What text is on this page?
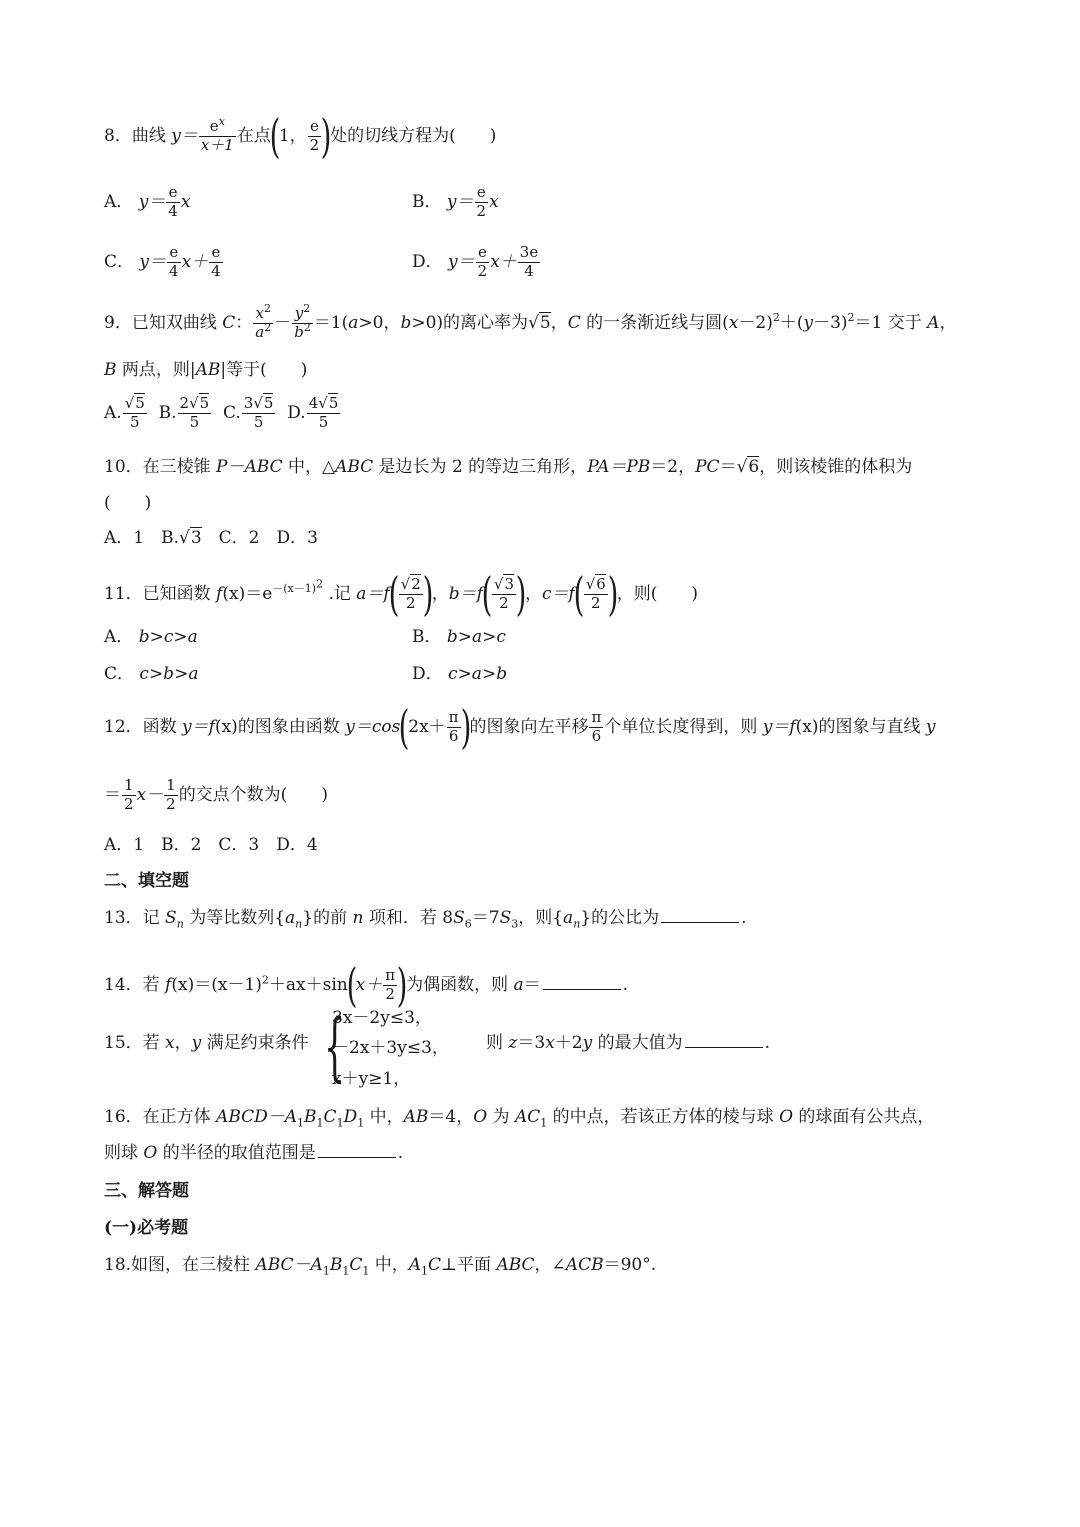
8．曲线 $y= \frac{e^x}{x+1}$ 在点(1， $\frac{e}{2}$ )处的切线方程为(　　)
A． $y= \frac{e}{4}$ x	B． $y= \frac{e}{2}$ x
C． $y= \frac{e}{4} x+ \frac{e}{4}$	D． $y= \frac{e}{2} x+ \frac{3e}{4}$
9．已知双曲线 C： $\frac{x^2}{a^2} - \frac{y^2}{b^2} =1(a>0$，b>0)的离心率为√5，C 的一条渐近线与圆$(x-2)^2+(y-3)^2=1$ 交于 A，
B 两点，则|AB|等于(　　)
A. $\frac{√5}{5} B$. $\frac{2√5}{5} C$. $\frac{3√5}{5} D$. $\frac{4√5}{5}$
10．在三棱锥 P－ABC 中，△ABC 是边长为 2 的等边三角形，PA＝PB＝2，PC＝√6，则该棱锥的体积为
(　　)
A．1　B.√3　C．2　D．3
11．已知函数 $f(x)=e^{-(x-1)^2}$ .记 $a=f( \frac{√2}{2}$ )，$b=f( \frac{√3}{2}$ )，$c=f( \frac{√6}{2}$ )，则(　　)
A． b>c>a	B． b>a>c
C． c>b>a	D． c>a>b
12．函数 y＝f(x)的图象由函数 $y=\cos(2x+ \frac{\pi}{6}$ )的图象向左平移 $\frac{\pi}{6}$ 个单位长度得到，则 y＝f(x)的图象与直线 y
＝ $\frac{1}{2} x- \frac{1}{2}$ 的交点个数为(　　)
A．1　B．2　C．3　D．4
二、填空题
13．记 $S_n$ 为等比数列$\{a_n\}$的前 n 项和．若 $8S_6=7S_3$，则$\{a_n\}$的公比为	.
14．若 $f(x)=(x-1)^2+ax+\sin(x+ \frac{\pi}{2}$ )为偶函数，则 a＝	.
15．若 x，y 满足约束条件 {
3x－2y≤3，
－2x＋3y≤3，
x＋y≥1，
则 z＝3x＋2y 的最大值为	.
16．在正方体 $ABCD-A_1B_1C_1D_1$ 中，AB＝4，O 为 $AC_1$ 的中点，若该正方体的棱与球 O 的球面有公共点，
则球 O 的半径的取值范围是	.
三、解答题
(一)必考题
18.如图，在三棱柱 $ABC-A_1B_1C_1$ 中，$A_1C\perp$平面 ABC，∠ACB＝90°.
